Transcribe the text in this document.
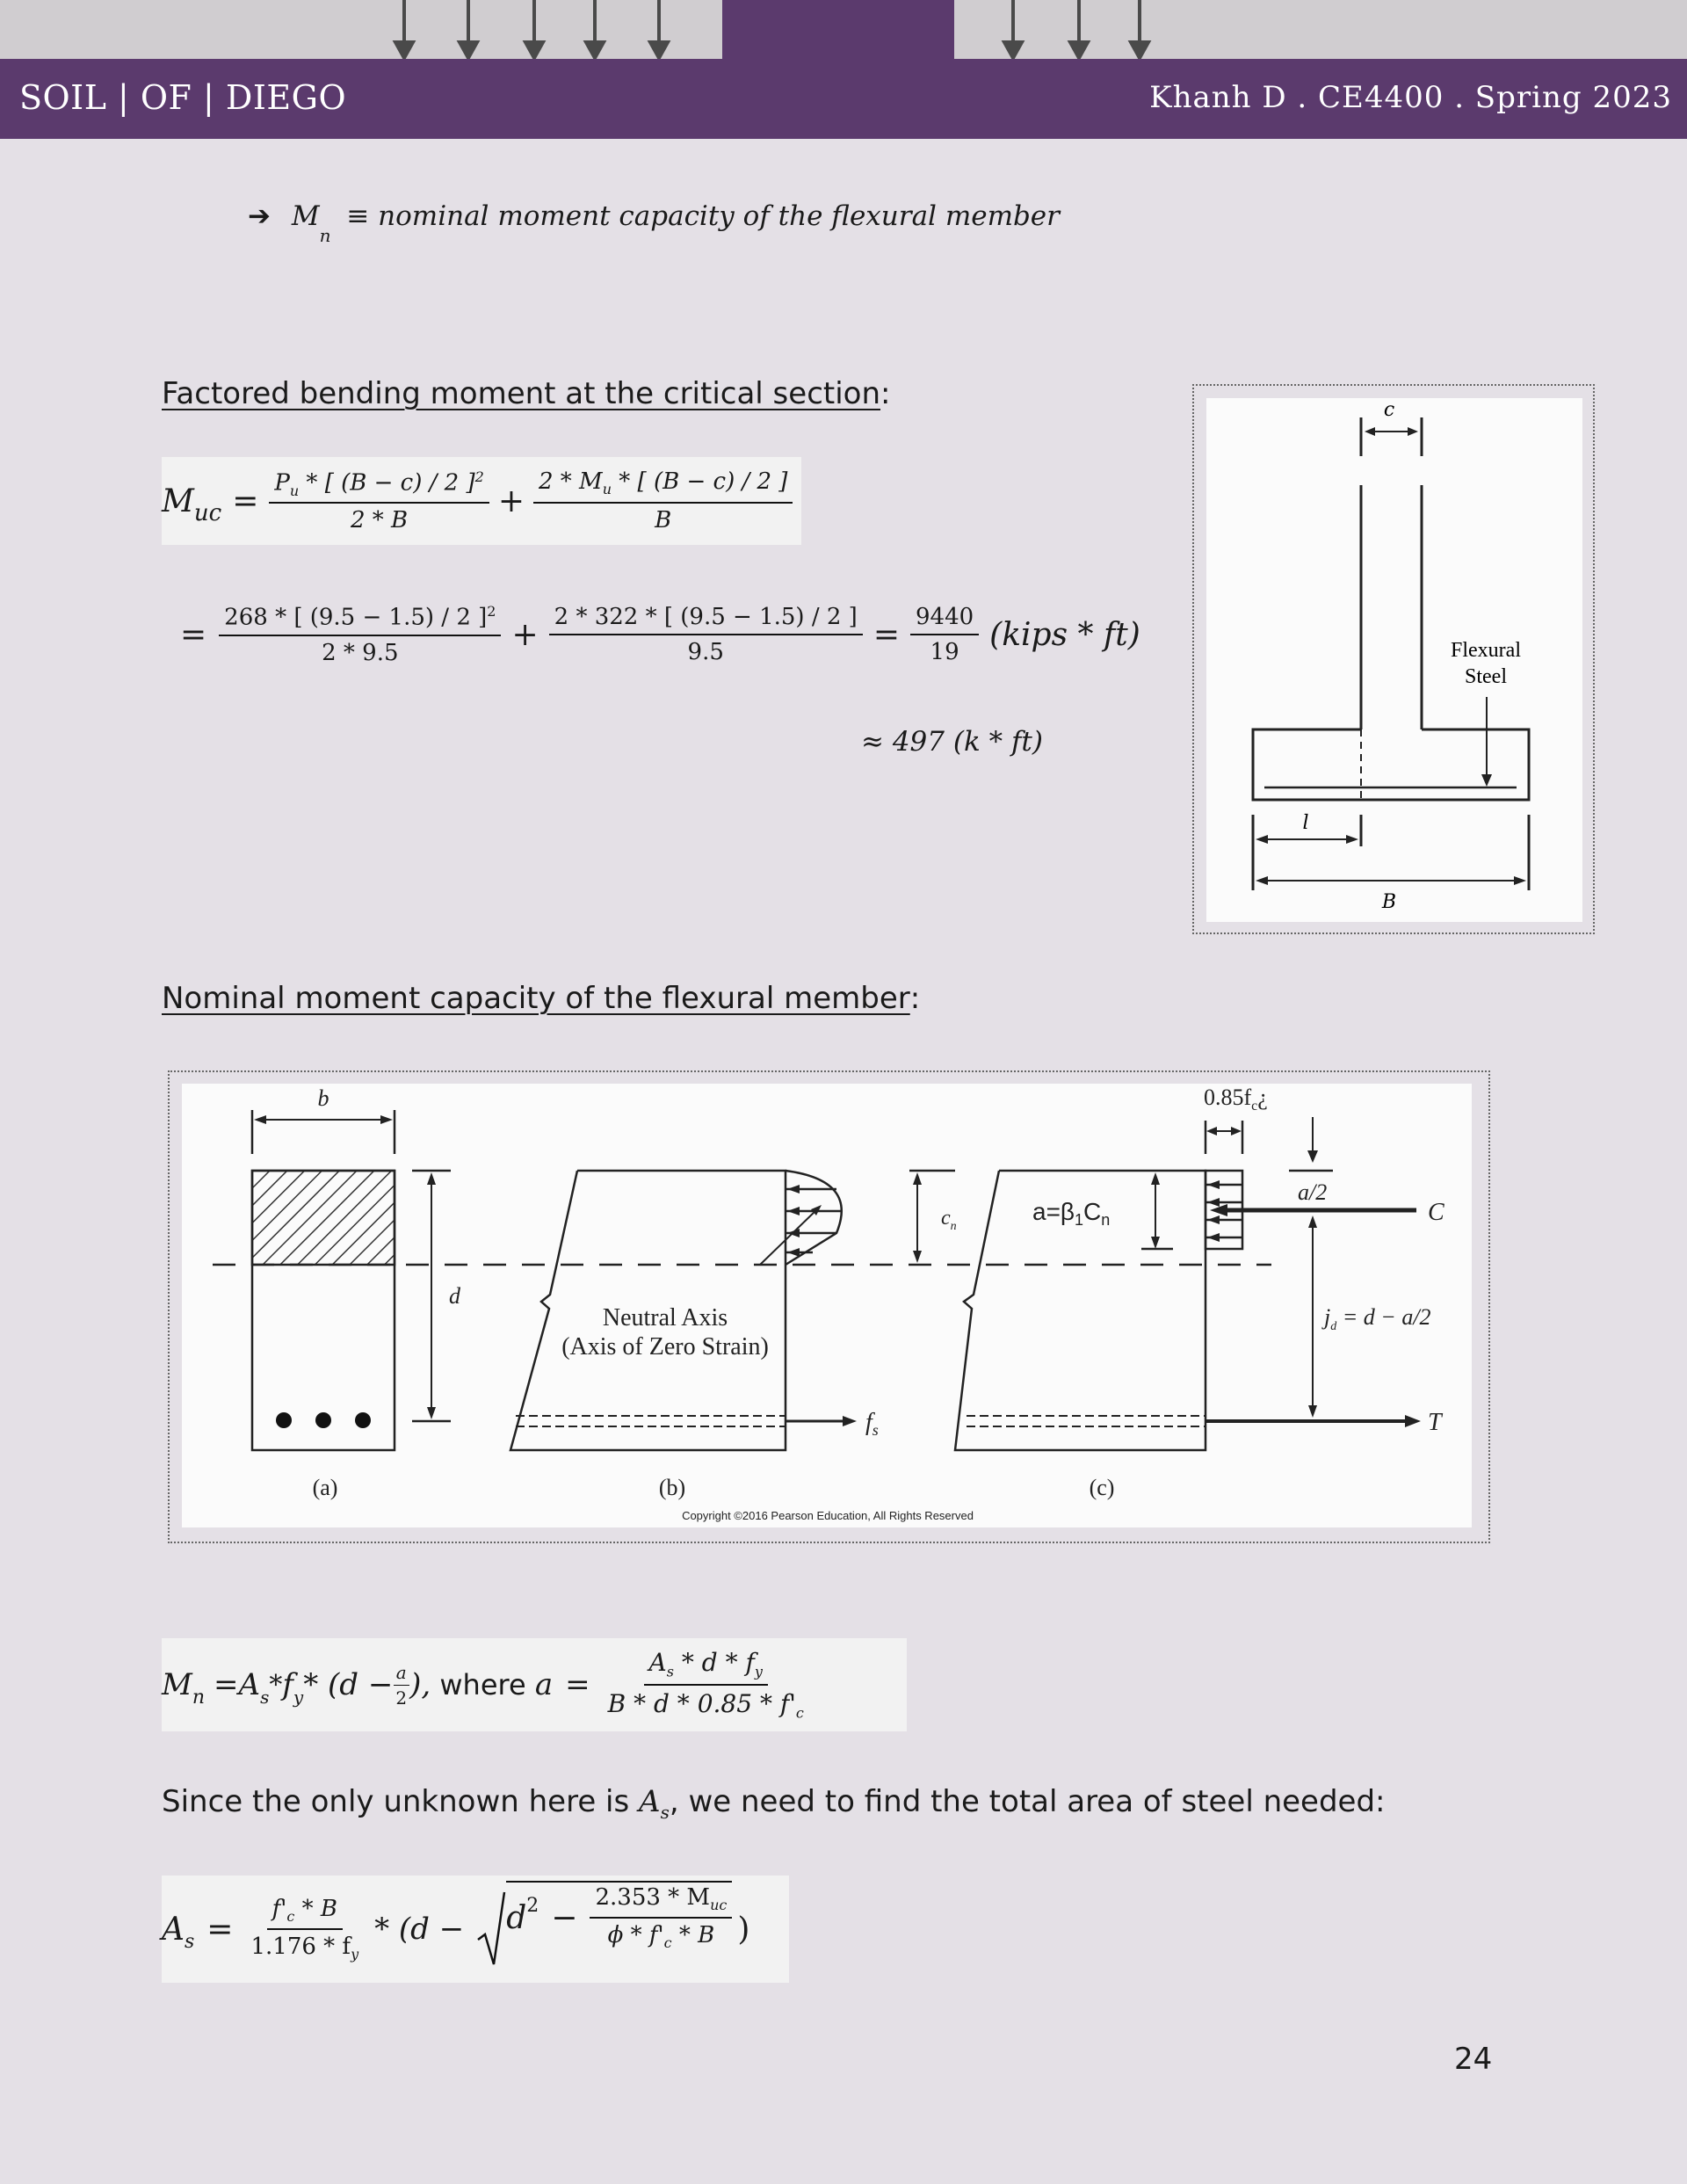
SOIL | OF | DIEGO	Khanh D . CE4400 . Spring 2023
➔ $M_n$ ≡ nominal moment capacity of the flexural member
Factored bending moment at the critical section:
$M_{uc} = \frac{P_u * [ (B - c) / 2 ]^2}{2 * B} + \frac{2 * M_u * [ (B - c) / 2 ]}{B}$
= $\frac{268 * [ (9.5 - 1.5) / 2 ]^2}{2 * 9.5} + \frac{2 * 322 * [ (9.5 - 1.5) / 2 ]}{9.5} = \frac{9440}{19}$ (kips * ft)
≈ 497 (k * ft)
c
Flexural
Steel
l
B
Nominal moment capacity of the flexural member:
b
d
$0.85f_c¿$
$c_n$
$a=\beta_1C_n$
a/2
C
$j_d = d - a/2$
T
$f_s$
Neutral Axis
(Axis of Zero Strain)
(a)	(b)	(c)
Copyright ©2016 Pearson Education, All Rights Reserved
$M_n = A_s * f_y * (d - \frac{a}{2}$ ), where $a = \frac{A_s * d * f_y}{B * d * 0.85 * f'_c}$
Since the only unknown here is $A_s$, we need to find the total area of steel needed:
$A_s = \frac{f'_c * B}{1.176 * f_y} * (d - d^2 - \frac{2.353 * M_{uc}}{\phi * f'_c * B}$ )
24
